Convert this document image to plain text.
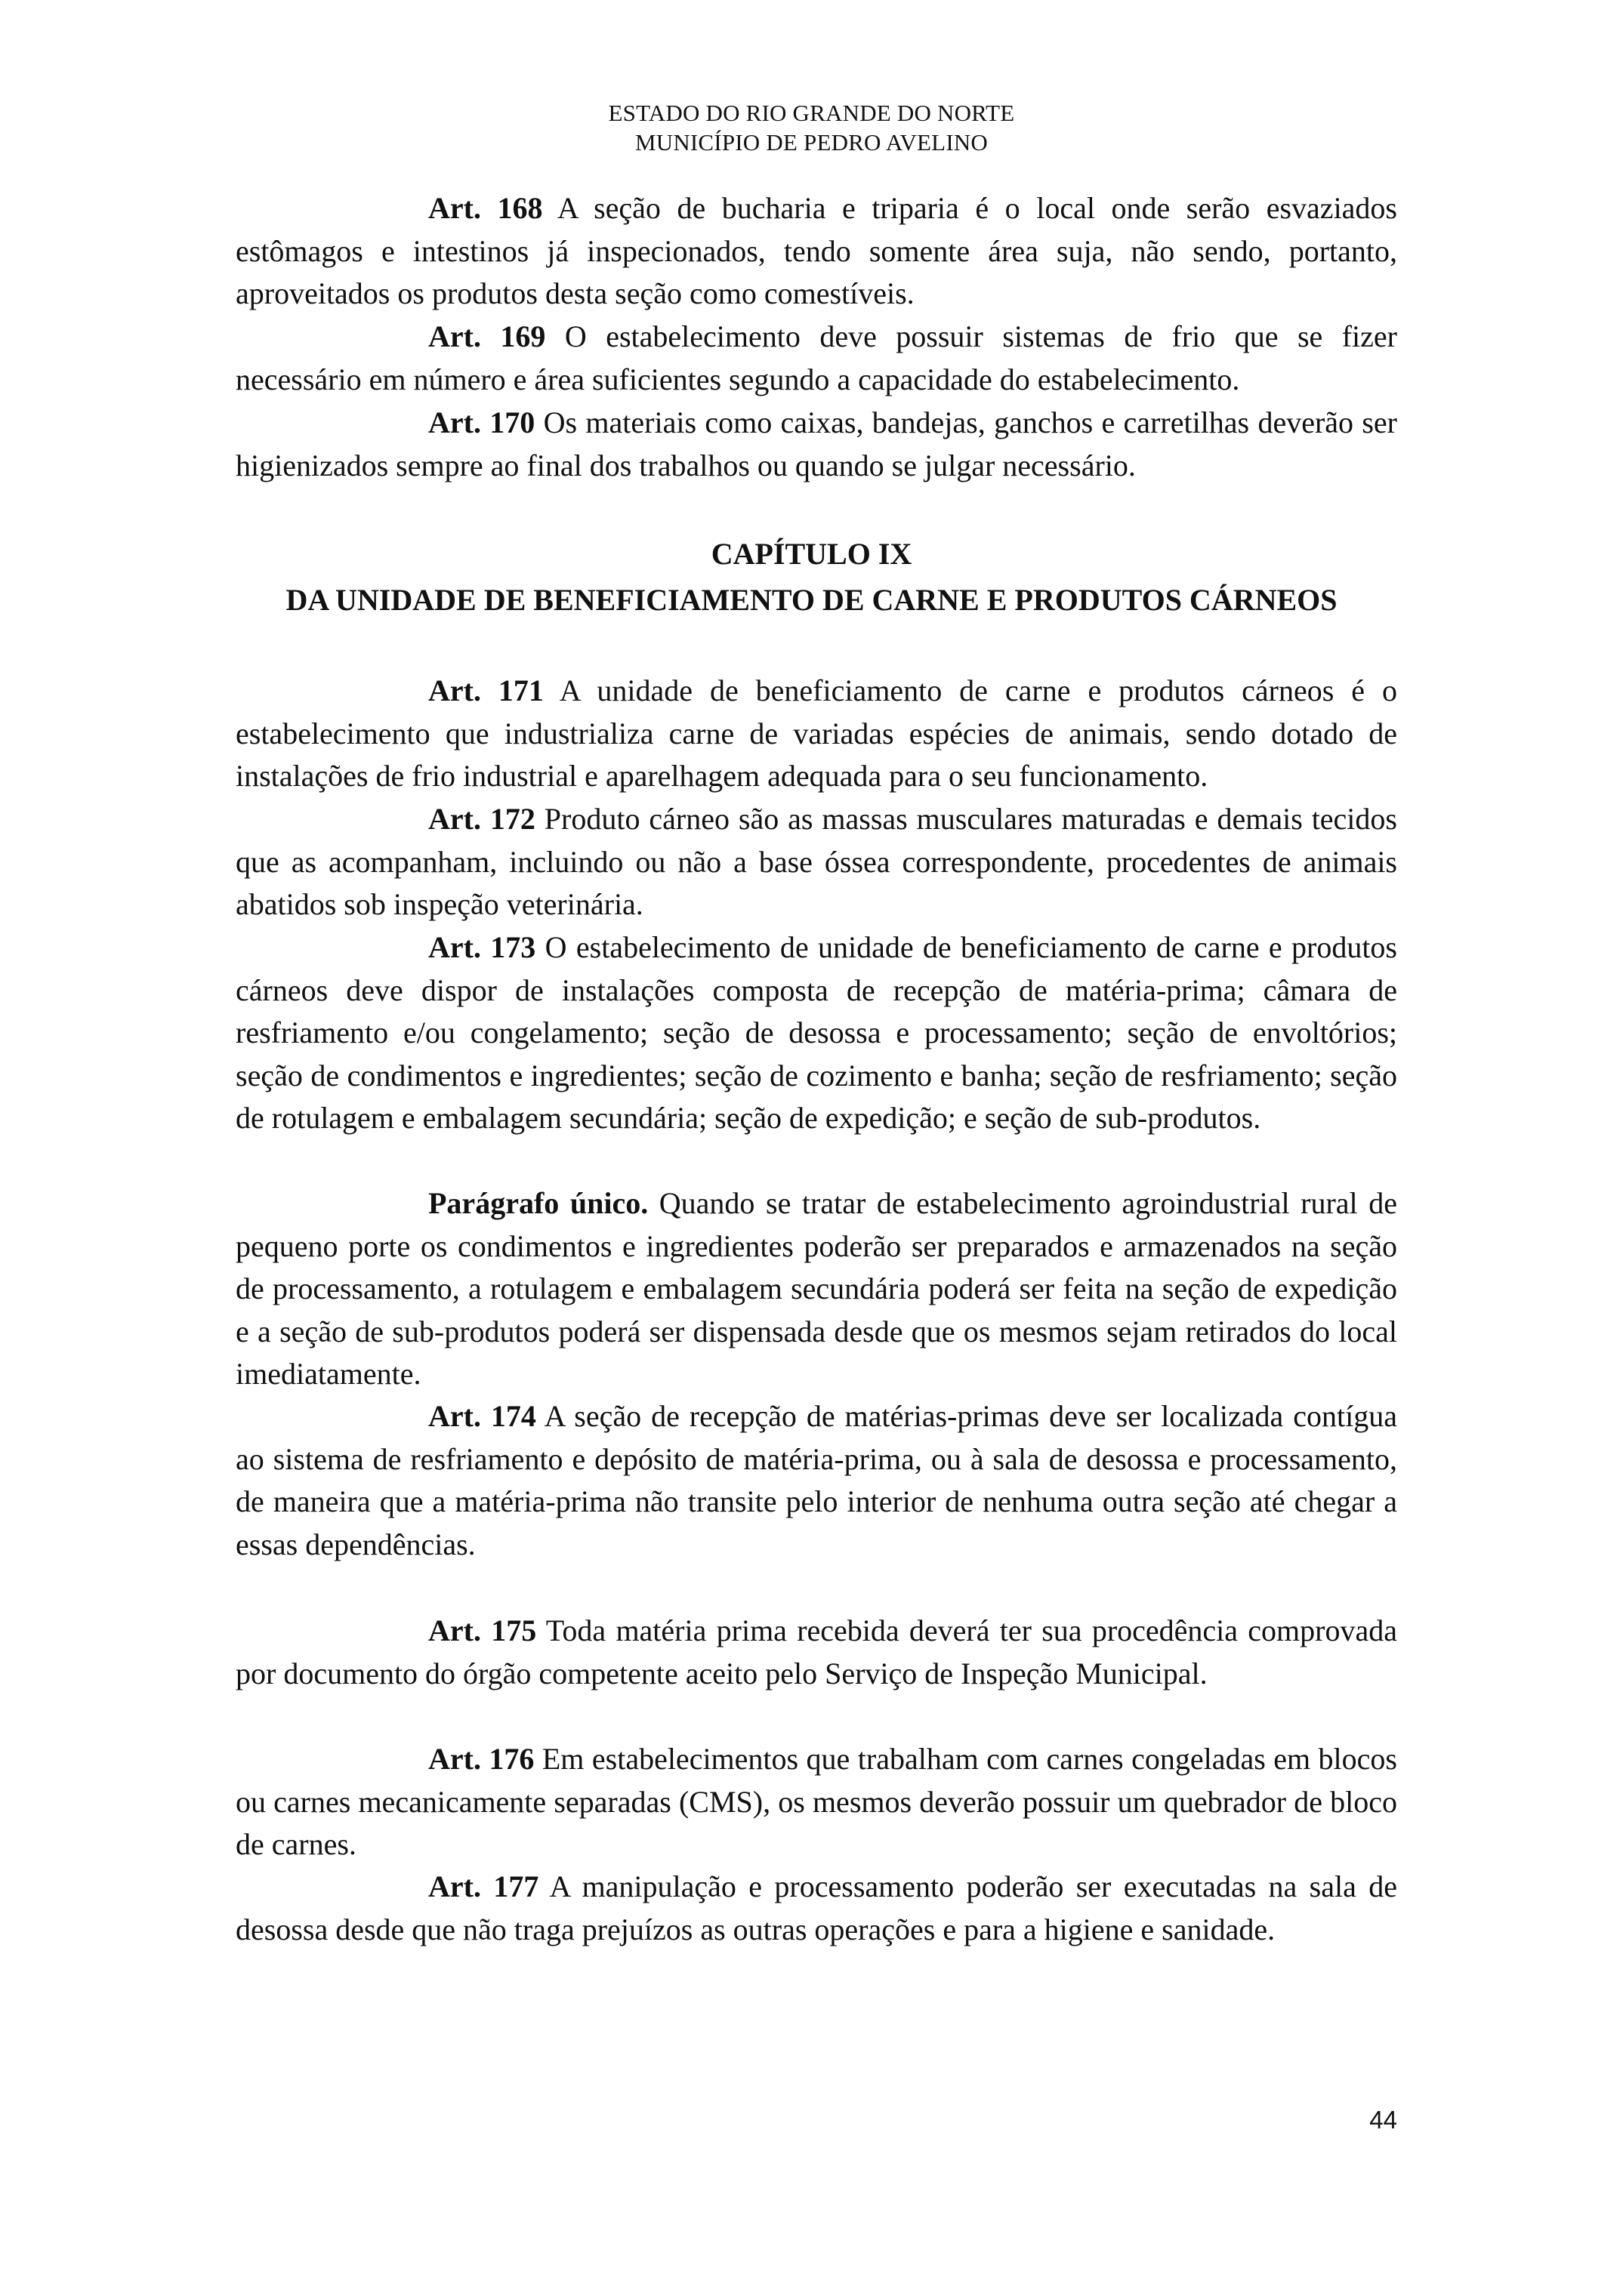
ESTADO DO RIO GRANDE DO NORTE
MUNICÍPIO DE PEDRO AVELINO

Art. 168 A seção de bucharia e triparia é o local onde serão esvaziados estômagos e intestinos já inspecionados, tendo somente área suja, não sendo, portanto, aproveitados os produtos desta seção como comestíveis.

Art. 169 O estabelecimento deve possuir sistemas de frio que se fizer necessário em número e área suficientes segundo a capacidade do estabelecimento.

Art. 170 Os materiais como caixas, bandejas, ganchos e carretilhas deverão ser higienizados sempre ao final dos trabalhos ou quando se julgar necessário.

CAPÍTULO IX
DA UNIDADE DE BENEFICIAMENTO DE CARNE E PRODUTOS CÁRNEOS

Art. 171 A unidade de beneficiamento de carne e produtos cárneos é o estabelecimento que industrializa carne de variadas espécies de animais, sendo dotado de instalações de frio industrial e aparelhagem adequada para o seu funcionamento.

Art. 172 Produto cárneo são as massas musculares maturadas e demais tecidos que as acompanham, incluindo ou não a base óssea correspondente, procedentes de animais abatidos sob inspeção veterinária.

Art. 173 O estabelecimento de unidade de beneficiamento de carne e produtos cárneos deve dispor de instalações composta de recepção de matéria-prima; câmara de resfriamento e/ou congelamento; seção de desossa e processamento; seção de envoltórios; seção de condimentos e ingredientes; seção de cozimento e banha; seção de resfriamento; seção de rotulagem e embalagem secundária; seção de expedição; e seção de sub-produtos.

Parágrafo único. Quando se tratar de estabelecimento agroindustrial rural de pequeno porte os condimentos e ingredientes poderão ser preparados e armazenados na seção de processamento, a rotulagem e embalagem secundária poderá ser feita na seção de expedição e a seção de sub-produtos poderá ser dispensada desde que os mesmos sejam retirados do local imediatamente.

Art. 174 A seção de recepção de matérias-primas deve ser localizada contígua ao sistema de resfriamento e depósito de matéria-prima, ou à sala de desossa e processamento, de maneira que a matéria-prima não transite pelo interior de nenhuma outra seção até chegar a essas dependências.

Art. 175 Toda matéria prima recebida deverá ter sua procedência comprovada por documento do órgão competente aceito pelo Serviço de Inspeção Municipal.

Art. 176 Em estabelecimentos que trabalham com carnes congeladas em blocos ou carnes mecanicamente separadas (CMS), os mesmos deverão possuir um quebrador de bloco de carnes.

Art. 177 A manipulação e processamento poderão ser executadas na sala de desossa desde que não traga prejuízos as outras operações e para a higiene e sanidade.

44
